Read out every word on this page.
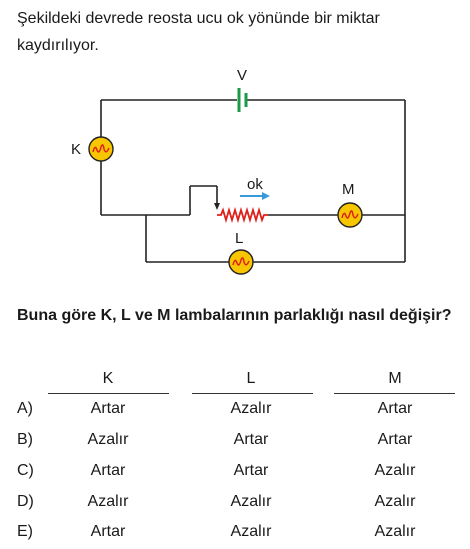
Şekildeki devrede reosta ucu ok yönünde bir miktar kaydırılıyor.
V
ok
K
M
L
Buna göre K, L ve M lambalarının parlaklığı nasıl değişir?
K	L	M
A)	Artar	Azalır	Artar
B)	Azalır	Artar	Artar
C)	Artar	Artar	Azalır
D)	Azalır	Azalır	Azalır
E)	Artar	Azalır	Azalır
